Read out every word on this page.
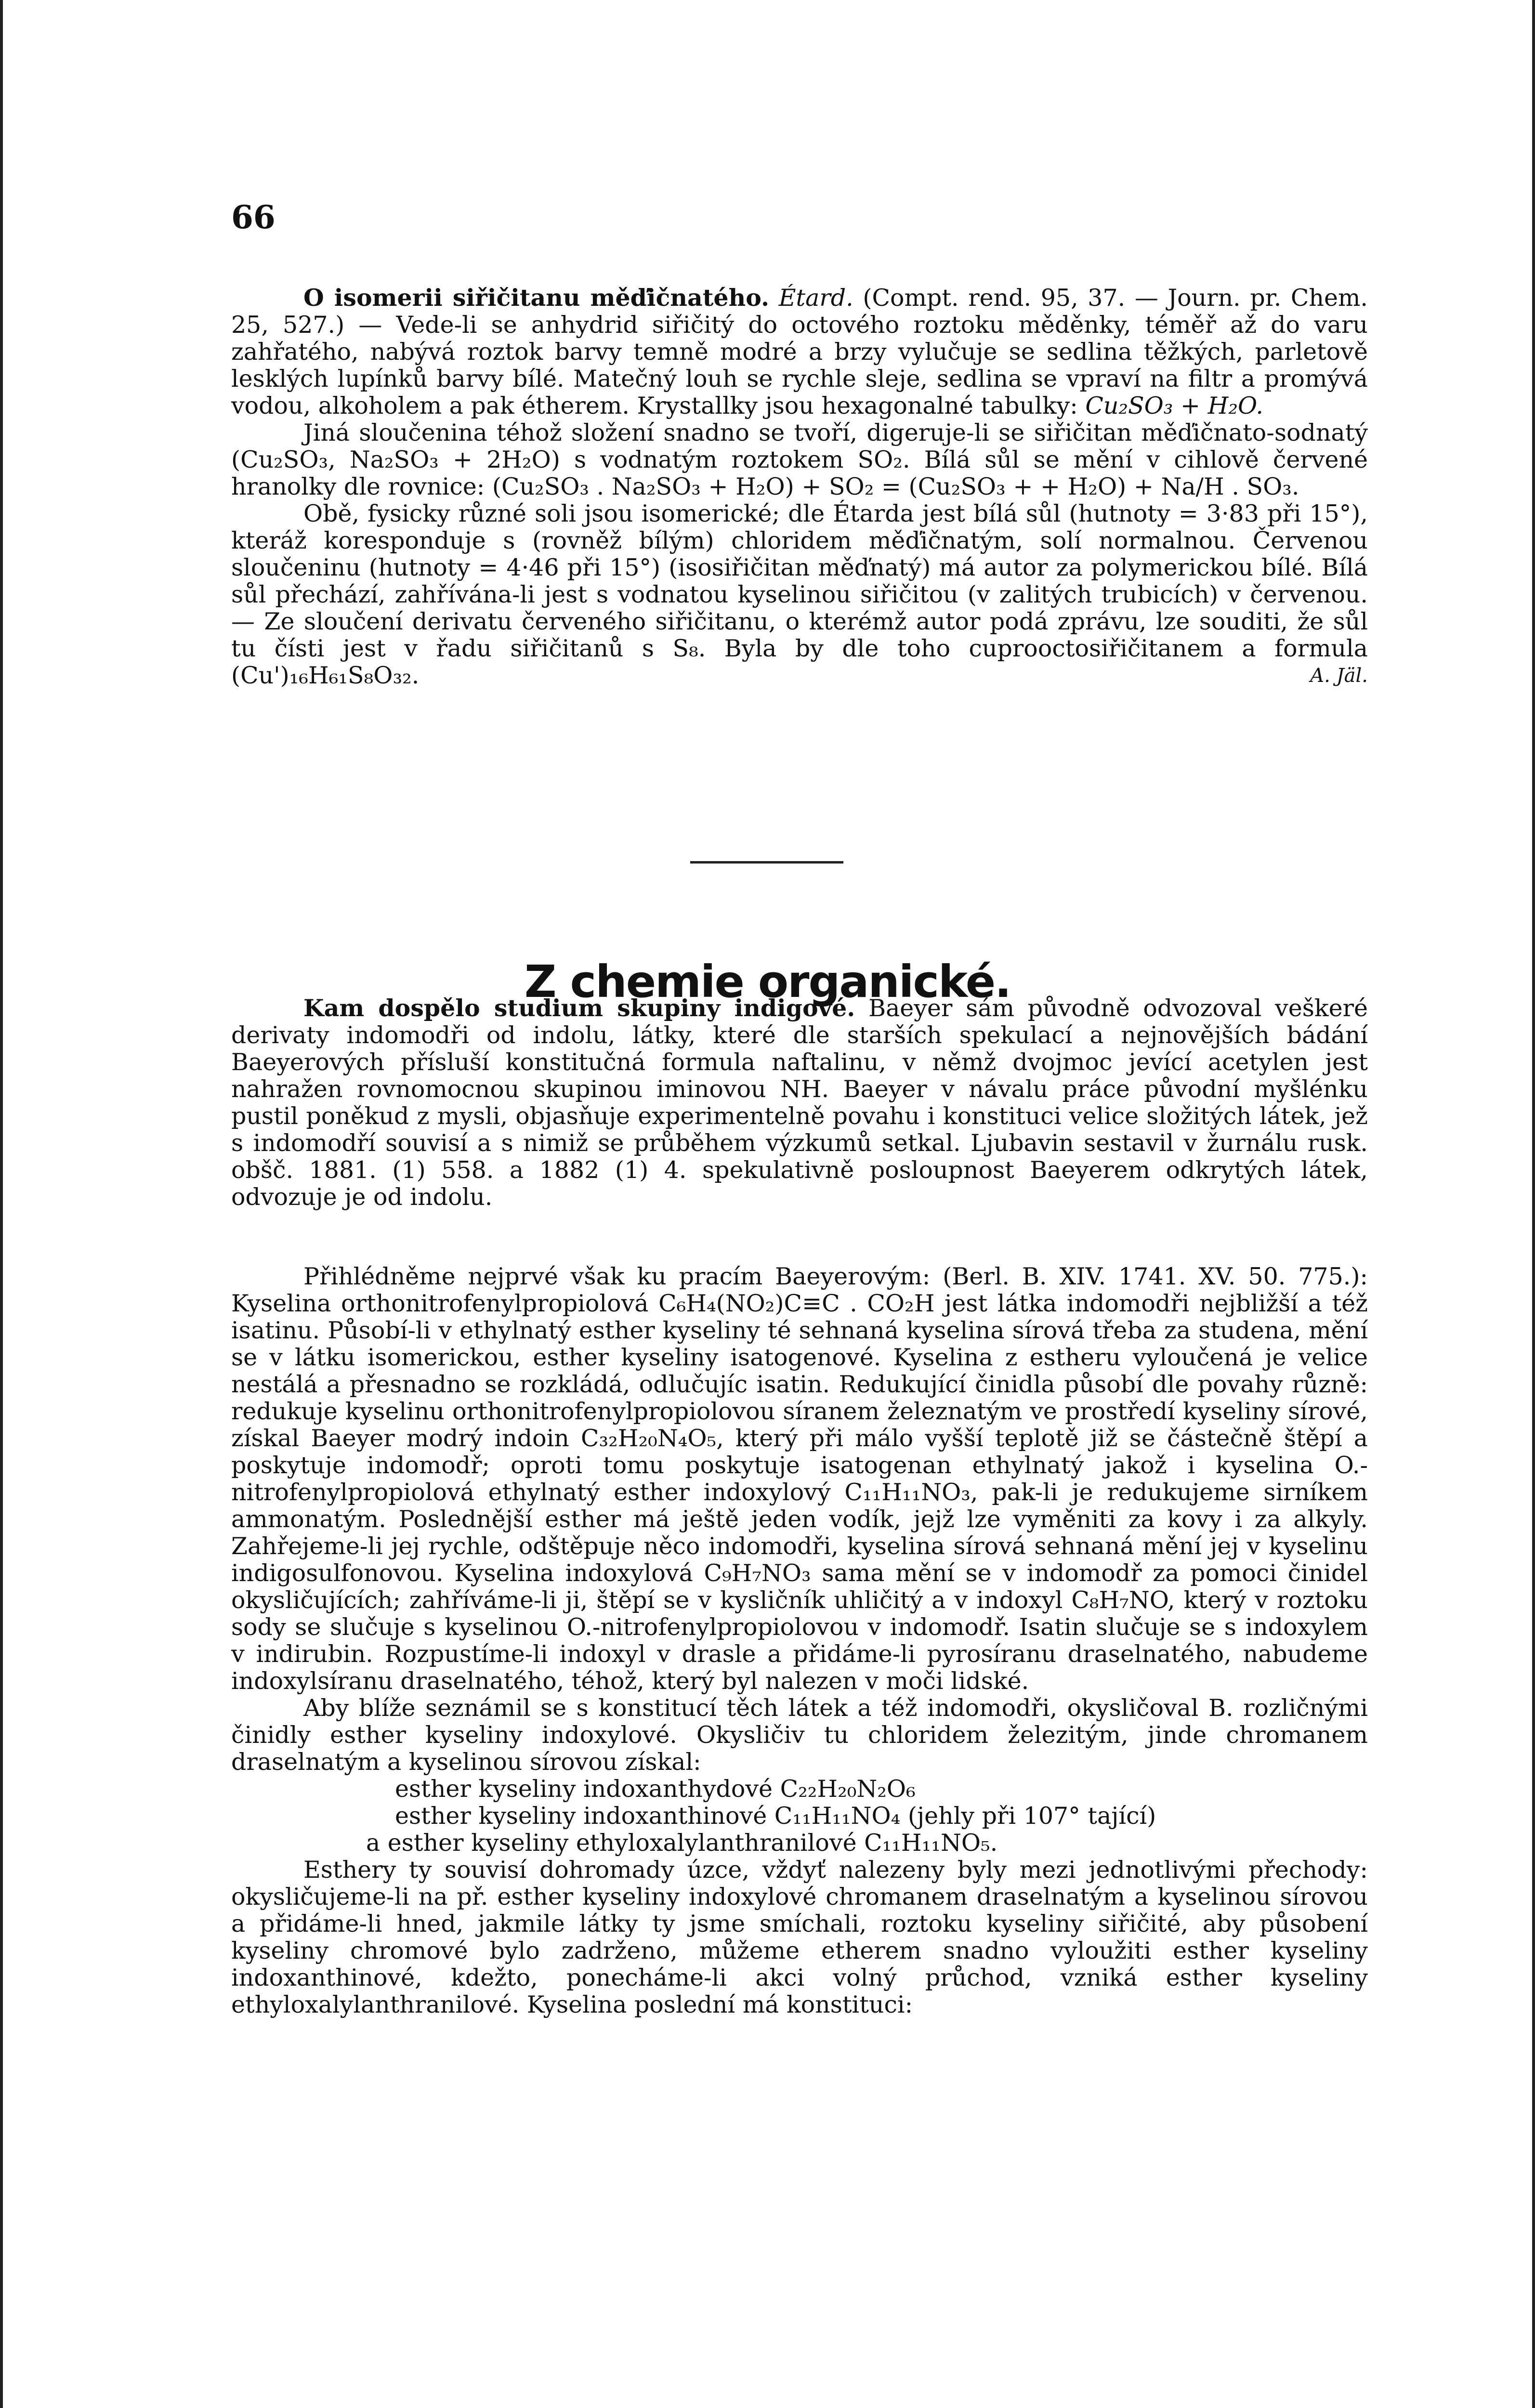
66

O isomerii siřičitanu měďičnatého. Étard. (Compt. rend. 95, 37. — Journ. pr. Chem. 25, 527.) — Vede-li se anhydrid siřičitý do octového roztoku měděnky, téměř až do varu zahřatého, nabývá roztok barvy temně modré a brzy vylučuje se sedlina těžkých, parletově lesklých lupínků barvy bílé. Matečný louh se rychle sleje, sedlina se vpraví na filtr a promývá vodou, alkoholem a pak étherem. Krystallky jsou hexagonalné tabulky: Cu₂SO₃ + H₂O.

Jiná sloučenina téhož složení snadno se tvoří, digeruje-li se siřičitan měďičnato-sodnatý (Cu₂SO₃, Na₂SO₃ + 2H₂O) s vodnatým roztokem SO₂. Bílá sůl se mění v cihlově červené hranolky dle rovnice: (Cu₂SO₃ . Na₂SO₃ + H₂O) + SO₂ = (Cu₂SO₃ + + H₂O) + Na/H . SO₃.

Obě, fysicky různé soli jsou isomerické; dle Étarda jest bílá sůl (hutnoty = 3·83 při 15°), kteráž koresponduje s (rovněž bílým) chloridem měďičnatým, solí normalnou. Červenou sloučeninu (hutnoty = 4·46 při 15°) (isosiřičitan měďnatý) má autor za polymerickou bílé. Bílá sůl přechází, zahřívána-li jest s vodnatou kyselinou siřičitou (v zalitých trubicích) v červenou. — Ze sloučení derivatu červeného siřičitanu, o kterémž autor podá zprávu, lze souditi, že sůl tu čísti jest v řadu siřičitanů s S₈. Byla by dle toho cuprooctosiřičitanem a formula (Cu')₁₆H₆₁S₈O₃₂.	A. Jäl.

Z chemie organické.

Kam dospělo studium skupiny indigové. Baeyer sám původně odvozoval veškeré derivaty indomodři od indolu, látky, které dle starších spekulací a nejnovějších bádání Baeyerových přísluší konstitučná formula naftalinu, v němž dvojmoc jevící acetylen jest nahražen rovnomocnou skupinou iminovou NH. Baeyer v návalu práce původní myšlénku pustil poněkud z mysli, objasňuje experimentelně povahu i konstituci velice složitých látek, jež s indomodří souvisí a s nimiž se průběhem výzkumů setkal. Ljubavin sestavil v žurnálu rusk. obšč. 1881. (1) 558. a 1882 (1) 4. spekulativně posloupnost Baeyerem odkrytých látek, odvozuje je od indolu.

Přihlédněme nejprvé však ku pracím Baeyerovým: (Berl. B. XIV. 1741. XV. 50. 775.): Kyselina orthonitrofenylpropiolová C₆H₄(NO₂)C≡C . CO₂H jest látka indomodři nejbližší a též isatinu. Působí-li v ethylnatý esther kyseliny té sehnaná kyselina sírová třeba za studena, mění se v látku isomerickou, esther kyseliny isatogenové. Kyselina z estheru vyloučená je velice nestálá a přesnadno se rozkládá, odlučujíc isatin. Redukující činidla působí dle povahy různě: redukuje kyselinu orthonitrofenylpropiolovou síranem železnatým ve prostředí kyseliny sírové, získal Baeyer modrý indoin C₃₂H₂₀N₄O₅, který při málo vyšší teplotě již se částečně štěpí a poskytuje indomodř; oproti tomu poskytuje isatogenan ethylnatý jakož i kyselina O.-nitrofenylpropiolová ethylnatý esther indoxylový C₁₁H₁₁NO₃, pak-li je redukujeme sirníkem ammonatým. Poslednější esther má ještě jeden vodík, jejž lze vyměniti za kovy i za alkyly. Zahřejeme-li jej rychle, odštěpuje něco indomodři, kyselina sírová sehnaná mění jej v kyselinu indigosulfonovou. Kyselina indoxylová C₉H₇NO₃ sama mění se v indomodř za pomoci činidel okysličujících; zahříváme-li ji, štěpí se v kysličník uhličitý a v indoxyl C₈H₇NO, který v roztoku sody se slučuje s kyselinou O.-nitrofenylpropiolovou v indomodř. Isatin slučuje se s indoxylem v indirubin. Rozpustíme-li indoxyl v drasle a přidáme-li pyrosíranu draselnatého, nabudeme indoxylsíranu draselnatého, téhož, který byl nalezen v moči lidské.

Aby blíže seznámil se s konstitucí těch látek a též indomodři, okysličoval B. rozličnými činidly esther kyseliny indoxylové. Okysličiv tu chloridem železitým, jinde chromanem draselnatým a kyselinou sírovou získal:

esther kyseliny indoxanthydové C₂₂H₂₀N₂O₆

esther kyseliny indoxanthinové C₁₁H₁₁NO₄ (jehly při 107° tající)

a esther kyseliny ethyloxalylanthranilové C₁₁H₁₁NO₅.

Esthery ty souvisí dohromady úzce, vždyť nalezeny byly mezi jednotlivými přechody: okysličujeme-li na př. esther kyseliny indoxylové chromanem draselnatým a kyselinou sírovou a přidáme-li hned, jakmile látky ty jsme smíchali, roztoku kyseliny siřičité, aby působení kyseliny chromové bylo zadrženo, můžeme etherem snadno vyloužiti esther kyseliny indoxanthinové, kdežto, ponecháme-li akci volný průchod, vzniká esther kyseliny ethyloxalylanthranilové. Kyselina poslední má konstituci:
